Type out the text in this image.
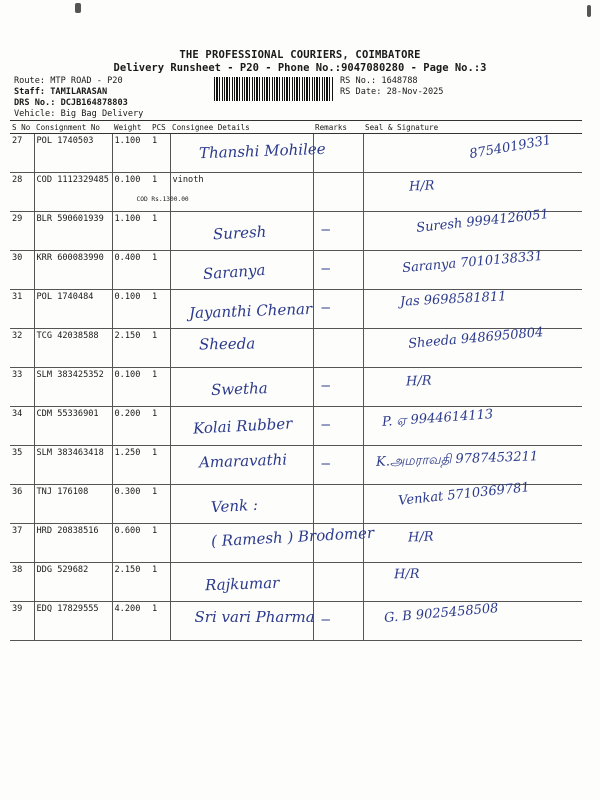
THE PROFESSIONAL COURIERS, COIMBATORE
Delivery Runsheet - P20 - Phone No.:9047080280 - Page No.:3
Route: MTP ROAD - P20
Staff: TAMILARASAN
DRS No.: DCJB164878803
Vehicle: Big Bag Delivery
RS No.: 1648788
RS Date: 28-Nov-2025
S No	Consignment No	Weight	PCS	Consignee Details	Remarks	Seal & Signature
27	POL 1740503	1.100	1	Thanshi Mohilee		8754019331

28	COD 1112329485	0.100	1	vinoth
COD Rs.1300.00		H/R

29	BLR 590601939	1.100	1	Suresh	—	Suresh 9994126051

30	KRR 600083990	0.400	1	Saranya	—	Saranya 7010138331

31	POL 1740484	0.100	1	Jayanthi Chenar	—	Jas 9698581811

32	TCG 42038588	2.150	1	Sheeda		Sheeda 9486950804

33	SLM 383425352	0.100	1	Swetha	—	H/R

34	CDM 55336901	0.200	1	Kolai Rubber	—	P. ஏ 9944614113

35	SLM 383463418	1.250	1	Amaravathi	—	K.அமராவதி 9787453211

36	TNJ 176108	0.300	1	Venk :		Venkat 5710369781

37	HRD 20838516	0.600	1	( Ramesh ) Brodomer		H/R

38	DDG 529682	2.150	1	Rajkumar		H/R

39	EDQ 17829555	4.200	1	Sri vari Pharma	—	G. B 9025458508
